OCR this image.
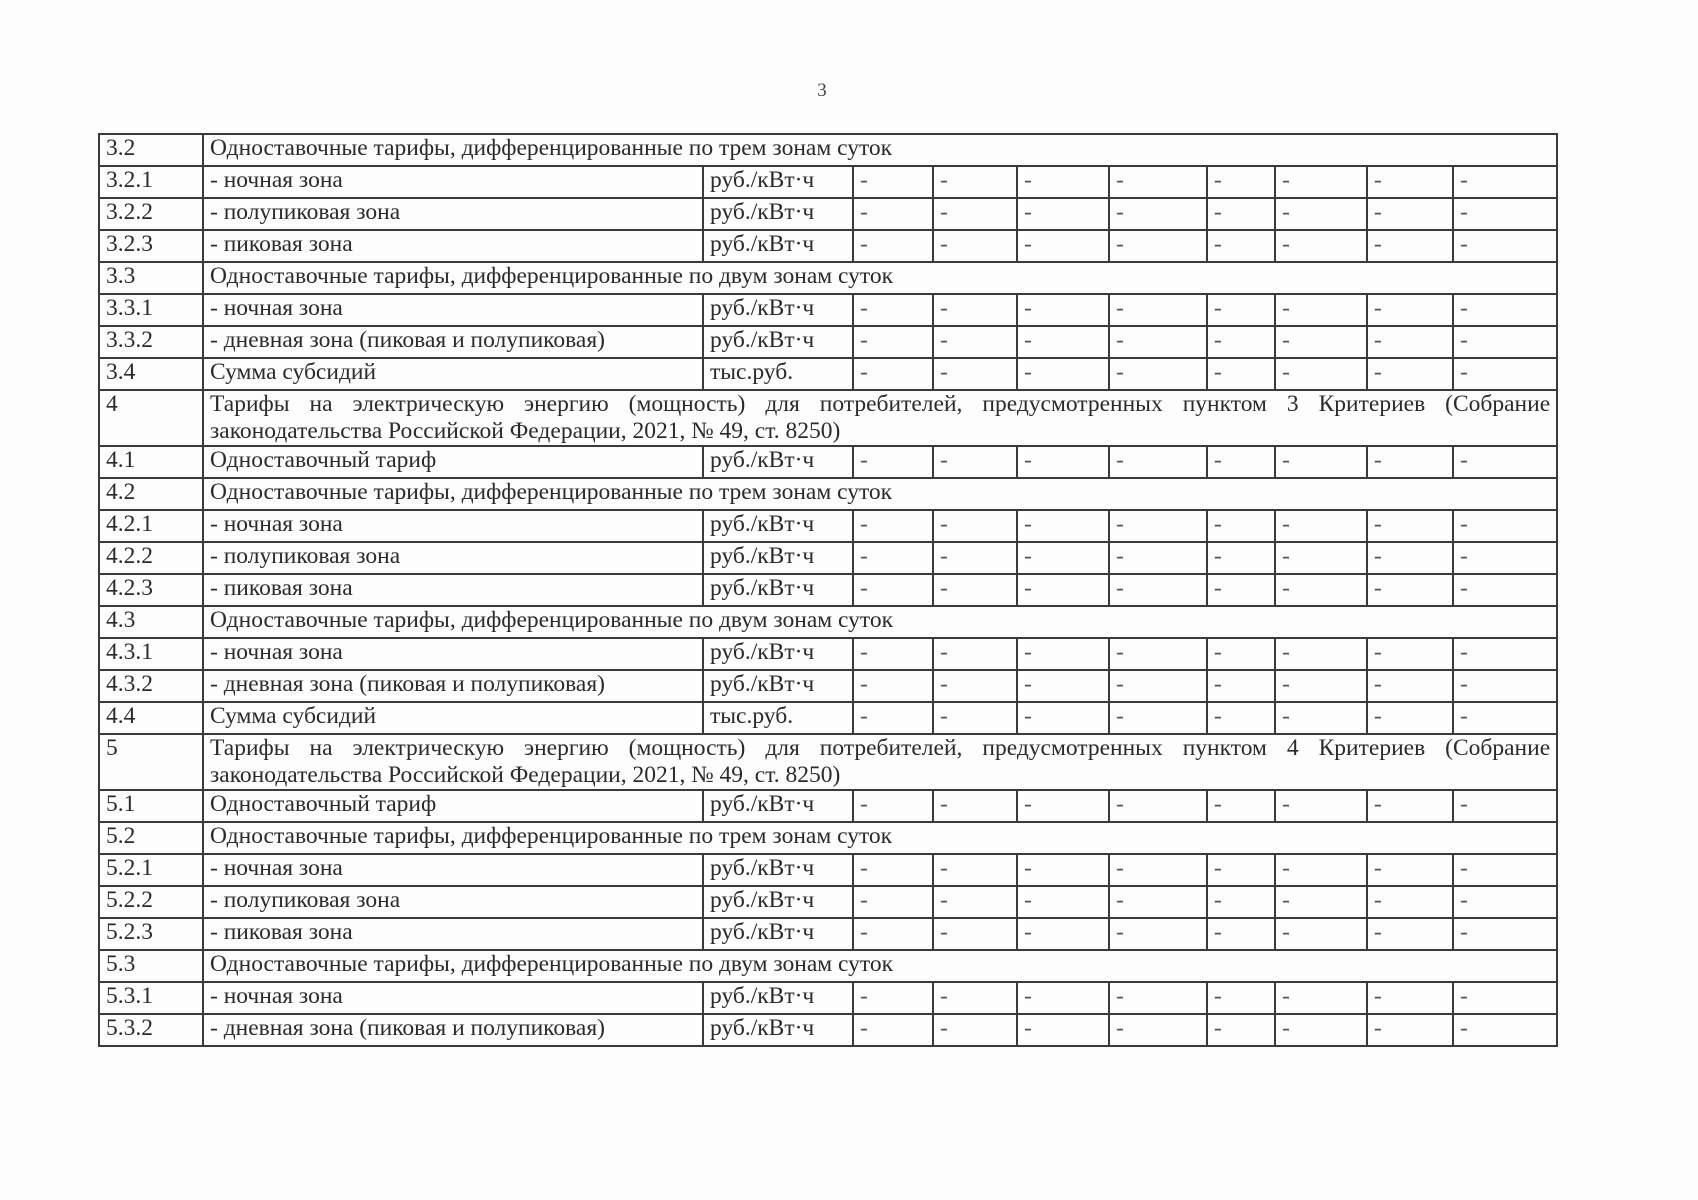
3
3.2	Одноставочные тарифы, дифференцированные по трем зонам суток									
3.2.1	- ночная зона	руб./кВт·ч	-	-	-	-	-	-	-	-
3.2.2	- полупиковая зона	руб./кВт·ч	-	-	-	-	-	-	-	-
3.2.3	- пиковая зона	руб./кВт·ч	-	-	-	-	-	-	-	-
3.3	Одноставочные тарифы, дифференцированные по двум зонам суток									
3.3.1	- ночная зона	руб./кВт·ч	-	-	-	-	-	-	-	-
3.3.2	- дневная зона (пиковая и полупиковая)	руб./кВт·ч	-	-	-	-	-	-	-	-
3.4	Сумма субсидий	тыс.руб.	-	-	-	-	-	-	-	-
4	Тарифы на электрическую энергию (мощность) для потребителей, предусмотренных пунктом 3 Критериев (Собрание законодательства Российской Федерации, 2021, № 49, ст. 8250)									
4.1	Одноставочный тариф	руб./кВт·ч	-	-	-	-	-	-	-	-
4.2	Одноставочные тарифы, дифференцированные по трем зонам суток									
4.2.1	- ночная зона	руб./кВт·ч	-	-	-	-	-	-	-	-
4.2.2	- полупиковая зона	руб./кВт·ч	-	-	-	-	-	-	-	-
4.2.3	- пиковая зона	руб./кВт·ч	-	-	-	-	-	-	-	-
4.3	Одноставочные тарифы, дифференцированные по двум зонам суток									
4.3.1	- ночная зона	руб./кВт·ч	-	-	-	-	-	-	-	-
4.3.2	- дневная зона (пиковая и полупиковая)	руб./кВт·ч	-	-	-	-	-	-	-	-
4.4	Сумма субсидий	тыс.руб.	-	-	-	-	-	-	-	-
5	Тарифы на электрическую энергию (мощность) для потребителей, предусмотренных пунктом 4 Критериев (Собрание законодательства Российской Федерации, 2021, № 49, ст. 8250)									
5.1	Одноставочный тариф	руб./кВт·ч	-	-	-	-	-	-	-	-
5.2	Одноставочные тарифы, дифференцированные по трем зонам суток									
5.2.1	- ночная зона	руб./кВт·ч	-	-	-	-	-	-	-	-
5.2.2	- полупиковая зона	руб./кВт·ч	-	-	-	-	-	-	-	-
5.2.3	- пиковая зона	руб./кВт·ч	-	-	-	-	-	-	-	-
5.3	Одноставочные тарифы, дифференцированные по двум зонам суток									
5.3.1	- ночная зона	руб./кВт·ч	-	-	-	-	-	-	-	-
5.3.2	- дневная зона (пиковая и полупиковая)	руб./кВт·ч	-	-	-	-	-	-	-	-
